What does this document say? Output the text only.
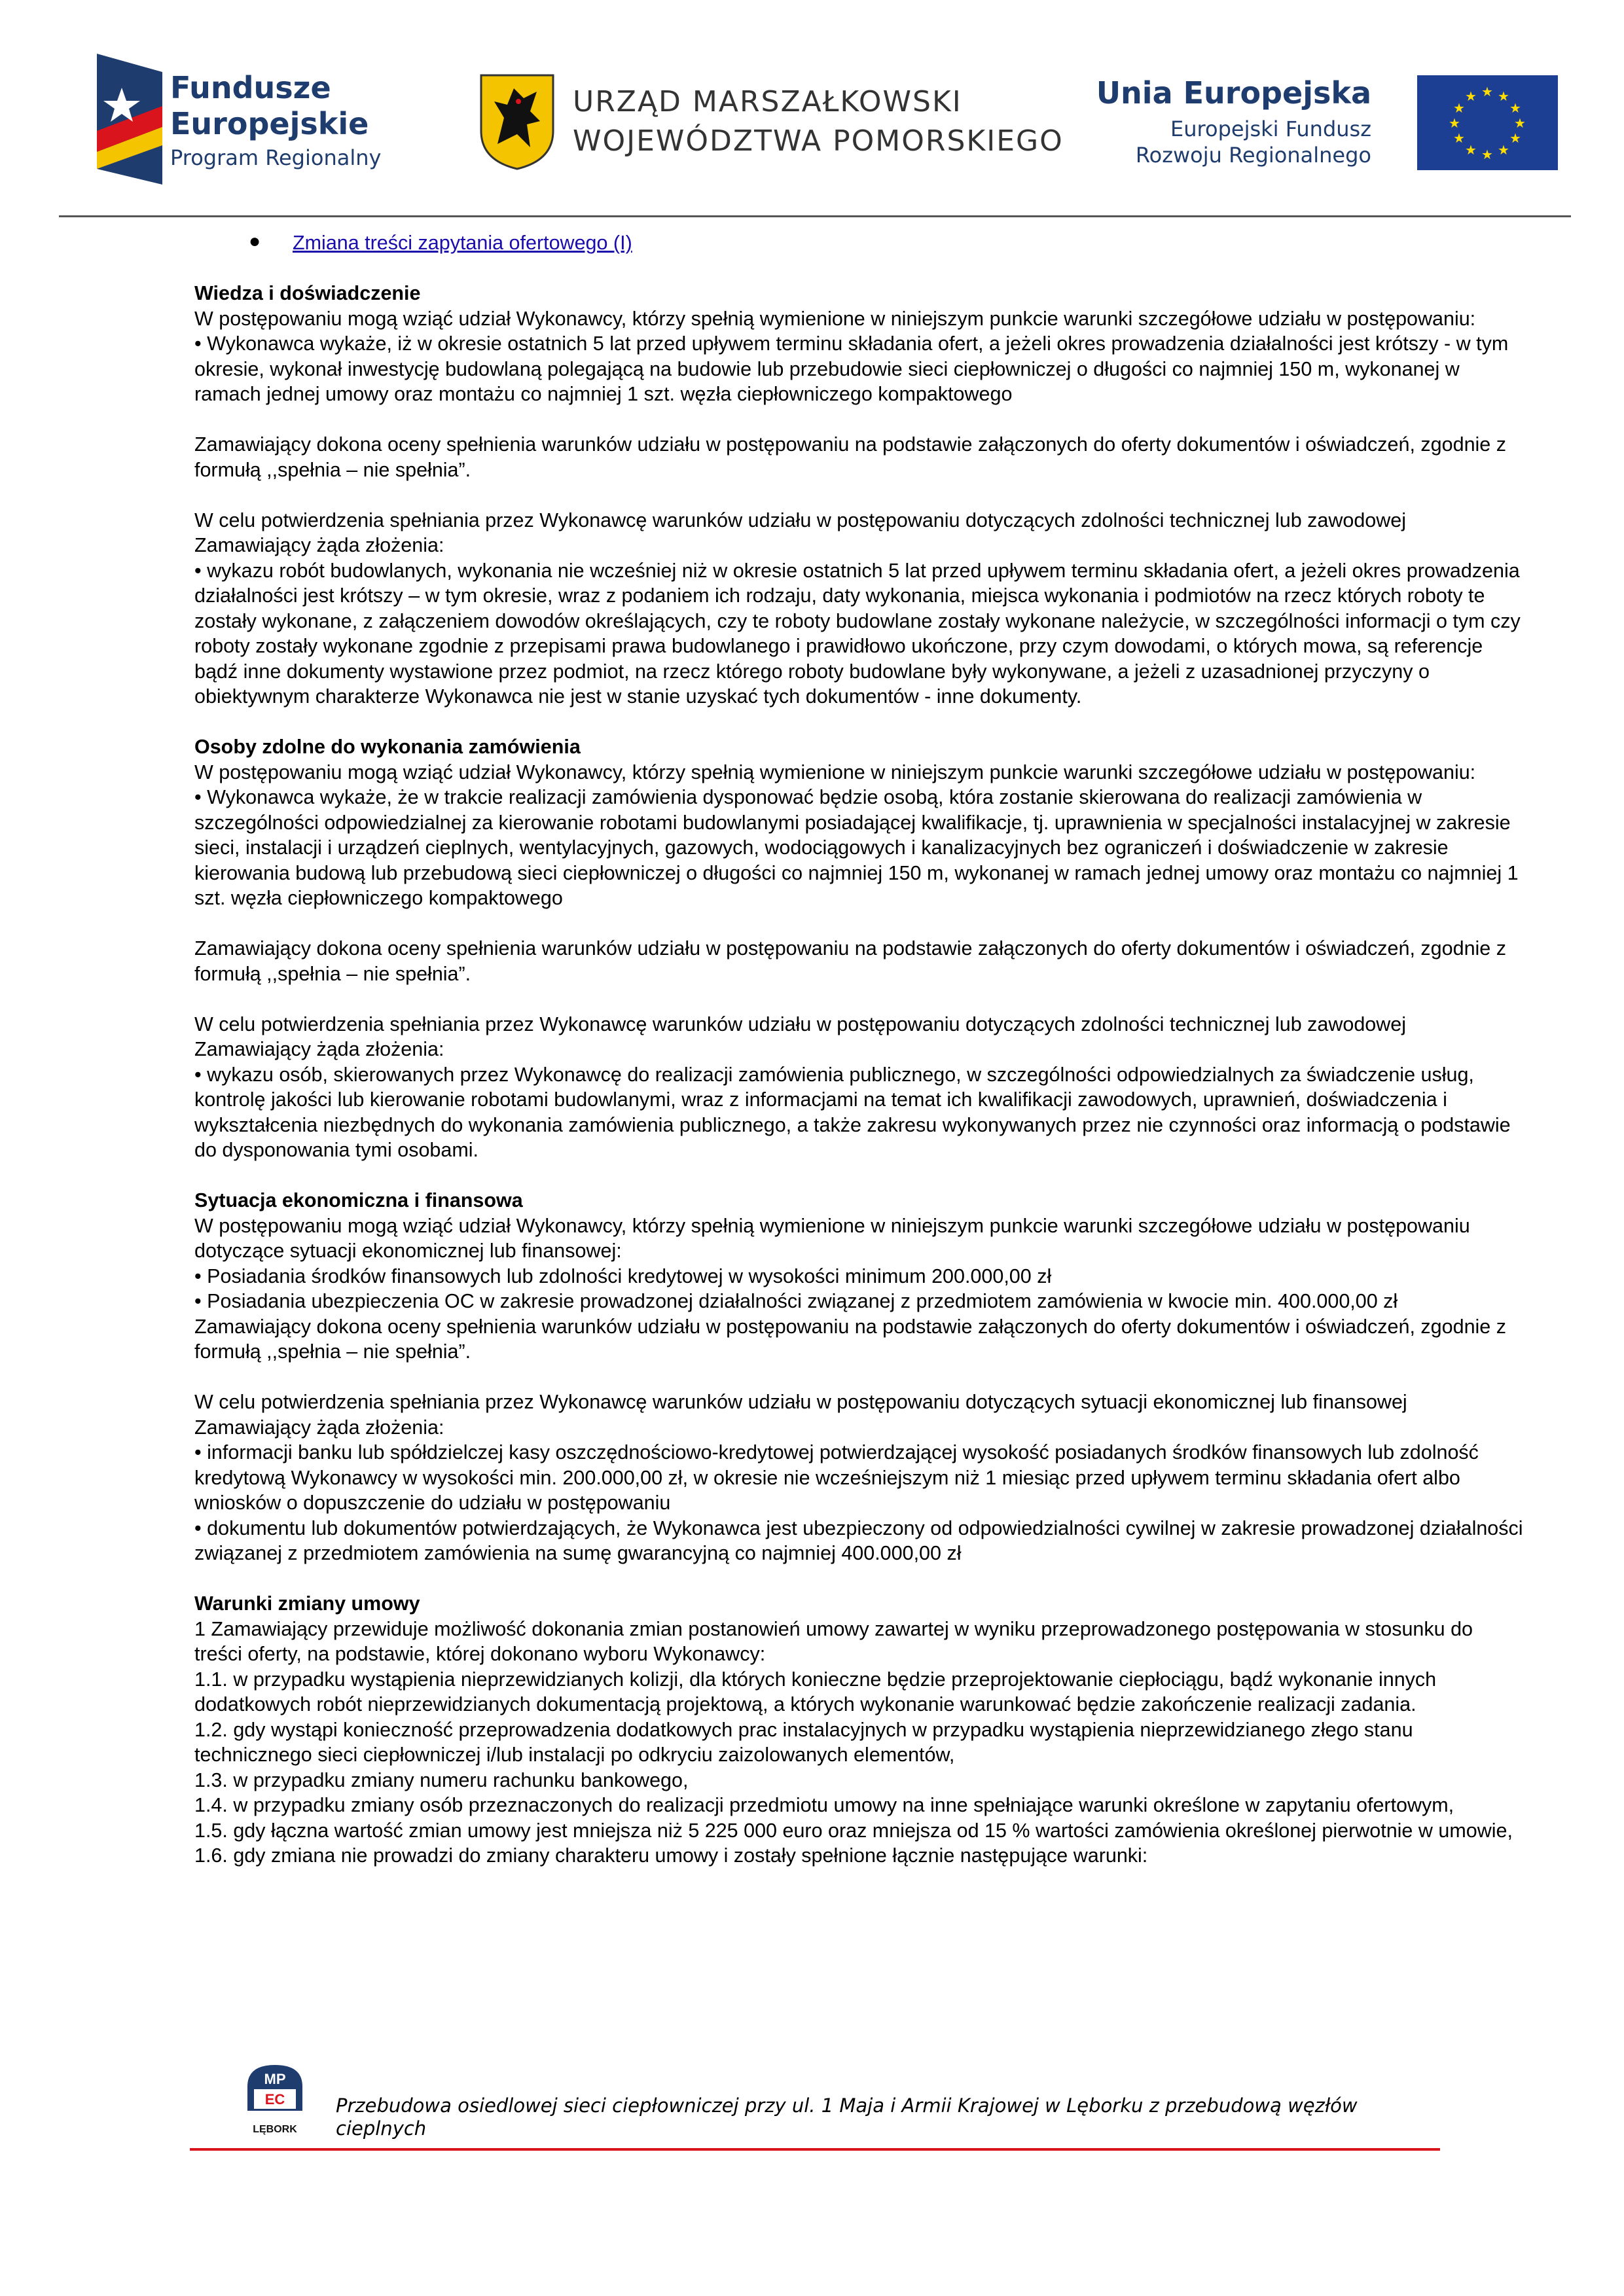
Fundusze
Europejskie
Program Regionalny
URZĄD MARSZAŁKOWSKI
WOJEWÓDZTWA POMORSKIEGO
Unia Europejska
Europejski Fundusz
Rozwoju Regionalnego
★ ★
★
★
★
★
★
★
★
★
★
★

● Zmiana treści zapytania ofertowego (I)

Wiedza i doświadczenie

W postępowaniu mogą wziąć udział Wykonawcy, którzy spełnią wymienione w niniejszym punkcie warunki szczegółowe udziału w postępowaniu:

• Wykonawca wykaże, iż w okresie ostatnich 5 lat przed upływem terminu składania ofert, a jeżeli okres prowadzenia działalności jest krótszy - w tym okresie, wykonał inwestycję budowlaną polegającą na budowie lub przebudowie sieci ciepłowniczej o długości co najmniej 150 m, wykonanej w ramach jednej umowy oraz montażu co najmniej 1 szt. węzła ciepłowniczego kompaktowego

Zamawiający dokona oceny spełnienia warunków udziału w postępowaniu na podstawie załączonych do oferty dokumentów i oświadczeń, zgodnie z formułą ,,spełnia – nie spełnia”.

W celu potwierdzenia spełniania przez Wykonawcę warunków udziału w postępowaniu dotyczących zdolności technicznej lub zawodowej Zamawiający żąda złożenia:

• wykazu robót budowlanych, wykonania nie wcześniej niż w okresie ostatnich 5 lat przed upływem terminu składania ofert, a jeżeli okres prowadzenia działalności jest krótszy – w tym okresie, wraz z podaniem ich rodzaju, daty wykonania, miejsca wykonania i podmiotów na rzecz których roboty te zostały wykonane, z załączeniem dowodów określających, czy te roboty budowlane zostały wykonane należycie, w szczególności informacji o tym czy roboty zostały wykonane zgodnie z przepisami prawa budowlanego i prawidłowo ukończone, przy czym dowodami, o których mowa, są referencje bądź inne dokumenty wystawione przez podmiot, na rzecz którego roboty budowlane były wykonywane, a jeżeli z uzasadnionej przyczyny o obiektywnym charakterze Wykonawca nie jest w stanie uzyskać tych dokumentów - inne dokumenty.

Osoby zdolne do wykonania zamówienia

W postępowaniu mogą wziąć udział Wykonawcy, którzy spełnią wymienione w niniejszym punkcie warunki szczegółowe udziału w postępowaniu:

• Wykonawca wykaże, że w trakcie realizacji zamówienia dysponować będzie osobą, która zostanie skierowana do realizacji zamówienia w szczególności odpowiedzialnej za kierowanie robotami budowlanymi posiadającej kwalifikacje, tj. uprawnienia w specjalności instalacyjnej w zakresie sieci, instalacji i urządzeń cieplnych, wentylacyjnych, gazowych, wodociągowych i kanalizacyjnych bez ograniczeń i doświadczenie w zakresie kierowania budową lub przebudową sieci ciepłowniczej o długości co najmniej 150 m, wykonanej w ramach jednej umowy oraz montażu co najmniej 1 szt. węzła ciepłowniczego kompaktowego

Zamawiający dokona oceny spełnienia warunków udziału w postępowaniu na podstawie załączonych do oferty dokumentów i oświadczeń, zgodnie z formułą ,,spełnia – nie spełnia”.

W celu potwierdzenia spełniania przez Wykonawcę warunków udziału w postępowaniu dotyczących zdolności technicznej lub zawodowej Zamawiający żąda złożenia:

• wykazu osób, skierowanych przez Wykonawcę do realizacji zamówienia publicznego, w szczególności odpowiedzialnych za świadczenie usług, kontrolę jakości lub kierowanie robotami budowlanymi, wraz z informacjami na temat ich kwalifikacji zawodowych, uprawnień, doświadczenia i wykształcenia niezbędnych do wykonania zamówienia publicznego, a także zakresu wykonywanych przez nie czynności oraz informacją o podstawie do dysponowania tymi osobami.

Sytuacja ekonomiczna i finansowa

W postępowaniu mogą wziąć udział Wykonawcy, którzy spełnią wymienione w niniejszym punkcie warunki szczegółowe udziału w postępowaniu dotyczące sytuacji ekonomicznej lub finansowej:

• Posiadania środków finansowych lub zdolności kredytowej w wysokości minimum 200.000,00 zł

• Posiadania ubezpieczenia OC w zakresie prowadzonej działalności związanej z przedmiotem zamówienia w kwocie min. 400.000,00 zł

Zamawiający dokona oceny spełnienia warunków udziału w postępowaniu na podstawie załączonych do oferty dokumentów i oświadczeń, zgodnie z formułą ,,spełnia – nie spełnia”.

W celu potwierdzenia spełniania przez Wykonawcę warunków udziału w postępowaniu dotyczących sytuacji ekonomicznej lub finansowej Zamawiający żąda złożenia:

• informacji banku lub spółdzielczej kasy oszczędnościowo-kredytowej potwierdzającej wysokość posiadanych środków finansowych lub zdolność kredytową Wykonawcy w wysokości min. 200.000,00 zł, w okresie nie wcześniejszym niż 1 miesiąc przed upływem terminu składania ofert albo wniosków o dopuszczenie do udziału w postępowaniu

• dokumentu lub dokumentów potwierdzających, że Wykonawca jest ubezpieczony od odpowiedzialności cywilnej w zakresie prowadzonej działalności związanej z przedmiotem zamówienia na sumę gwarancyjną co najmniej 400.000,00 zł

Warunki zmiany umowy

1 Zamawiający przewiduje możliwość dokonania zmian postanowień umowy zawartej w wyniku przeprowadzonego postępowania w stosunku do treści oferty, na podstawie, której dokonano wyboru Wykonawcy:

1.1. w przypadku wystąpienia nieprzewidzianych kolizji, dla których konieczne będzie przeprojektowanie ciepłociągu, bądź wykonanie innych dodatkowych robót nieprzewidzianych dokumentacją projektową, a których wykonanie warunkować będzie zakończenie realizacji zadania.

1.2. gdy wystąpi konieczność przeprowadzenia dodatkowych prac instalacyjnych w przypadku wystąpienia nieprzewidzianego złego stanu technicznego sieci ciepłowniczej i/lub instalacji po odkryciu zaizolowanych elementów,

1.3. w przypadku zmiany numeru rachunku bankowego,

1.4. w przypadku zmiany osób przeznaczonych do realizacji przedmiotu umowy na inne spełniające warunki określone w zapytaniu ofertowym,

1.5. gdy łączna wartość zmian umowy jest mniejsza niż 5 225 000 euro oraz mniejsza od 15 % wartości zamówienia określonej pierwotnie w umowie,

1.6. gdy zmiana nie prowadzi do zmiany charakteru umowy i zostały spełnione łącznie następujące warunki:

MP
EC
LĘBORK
Przebudowa osiedlowej sieci ciepłowniczej przy ul. 1 Maja i Armii Krajowej w Lęborku z przebudową węzłów cieplnych
